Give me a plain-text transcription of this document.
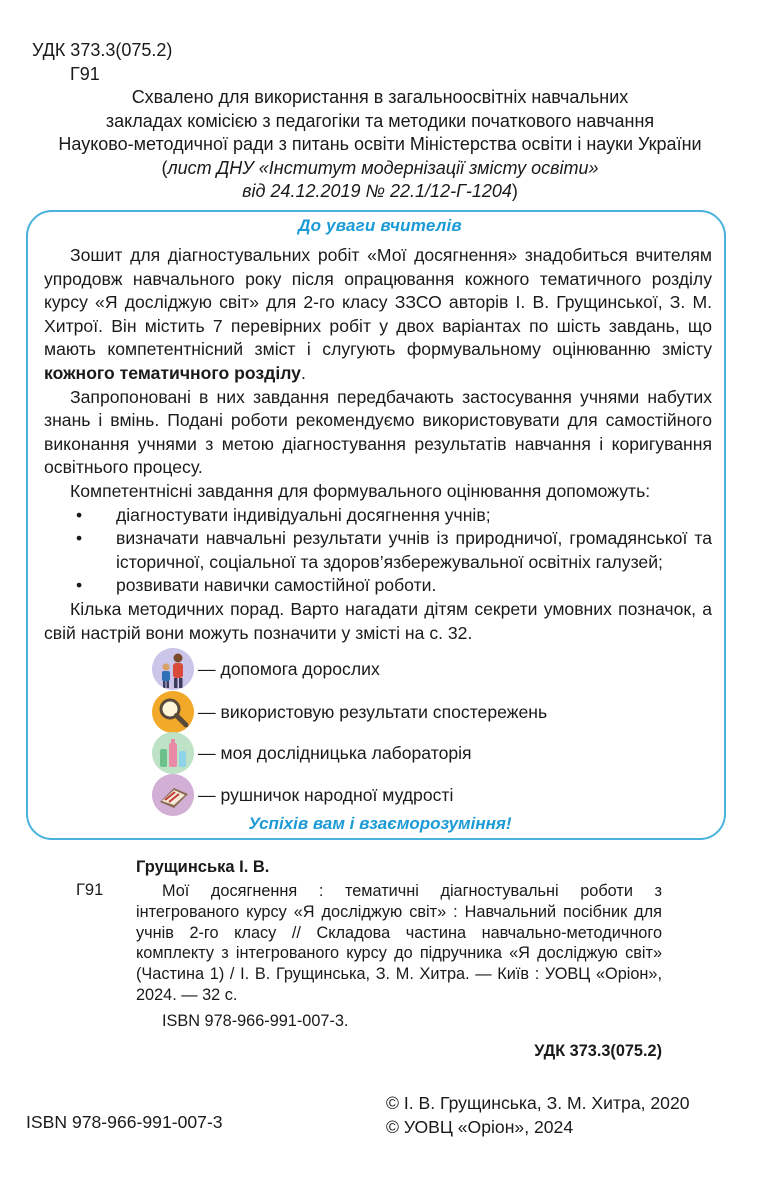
УДК 373.3(075.2)
Г91
Схвалено для використання в загальноосвітніх навчальних
закладах комісією з педагогіки та методики початкового навчання
Науково-методичної ради з питань освіти Міністерства освіти і науки України
(лист ДНУ «Інститут модернізації змісту освіти»
від 24.12.2019 № 22.1/12-Г-1204)
До уваги вчителів

Зошит для діагностувальних робіт «Мої досягнення» знадобиться вчителям упродовж навчального року після опрацювання кожного тематичного розділу курсу «Я досліджую світ» для 2-го класу ЗЗСО авторів І. В. Грущинської, З. М. Хитрої. Він містить 7 перевірних робіт у двох варіантах по шість завдань, що мають компетентнісний зміст і слугують формувальному оцінюванню змісту кожного тематичного розділу.

Запропоновані в них завдання передбачають застосування учнями набутих знань і вмінь. Подані роботи рекомендуємо використовувати для самостійного виконання учнями з метою діагностування результатів навчання і коригування освітнього процесу.

Компетентнісні завдання для формувального оцінювання допоможуть:

• діагностувати індивідуальні досягнення учнів;
• визначати навчальні результати учнів із природничої, громадянської та історичної, соціальної та здоров’язбережувальної освітніх галузей;
• розвивати навички самостійної роботи.

Кілька методичних порад. Варто нагадати дітям секрети умовних позначок, а свій настрій вони можуть позначити у змісті на с. 32.

— допомога дорослих
— використовую результати спостережень
— моя дослідницька лабораторія
— рушничок народної мудрості
Успіхів вам і взаєморозуміння!
Грущинська І. В.
Г91	Мої досягнення : тематичні діагностувальні роботи з інтегрованого курсу «Я досліджую світ» : Навчальний посібник для учнів 2-го класу // Складова частина навчально-методичного комплекту з інтегрованого курсу до підручника «Я досліджую світ» (Частина 1) / І. В. Грущинська, З. М. Хитра. — Київ : УОВЦ «Оріон», 2024. — 32 с.
ISBN 978-966-991-007-3.
УДК 373.3(075.2)
ISBN 978-966-991-007-3
© І. В. Грущинська, З. М. Хитра, 2020
© УОВЦ «Оріон», 2024
